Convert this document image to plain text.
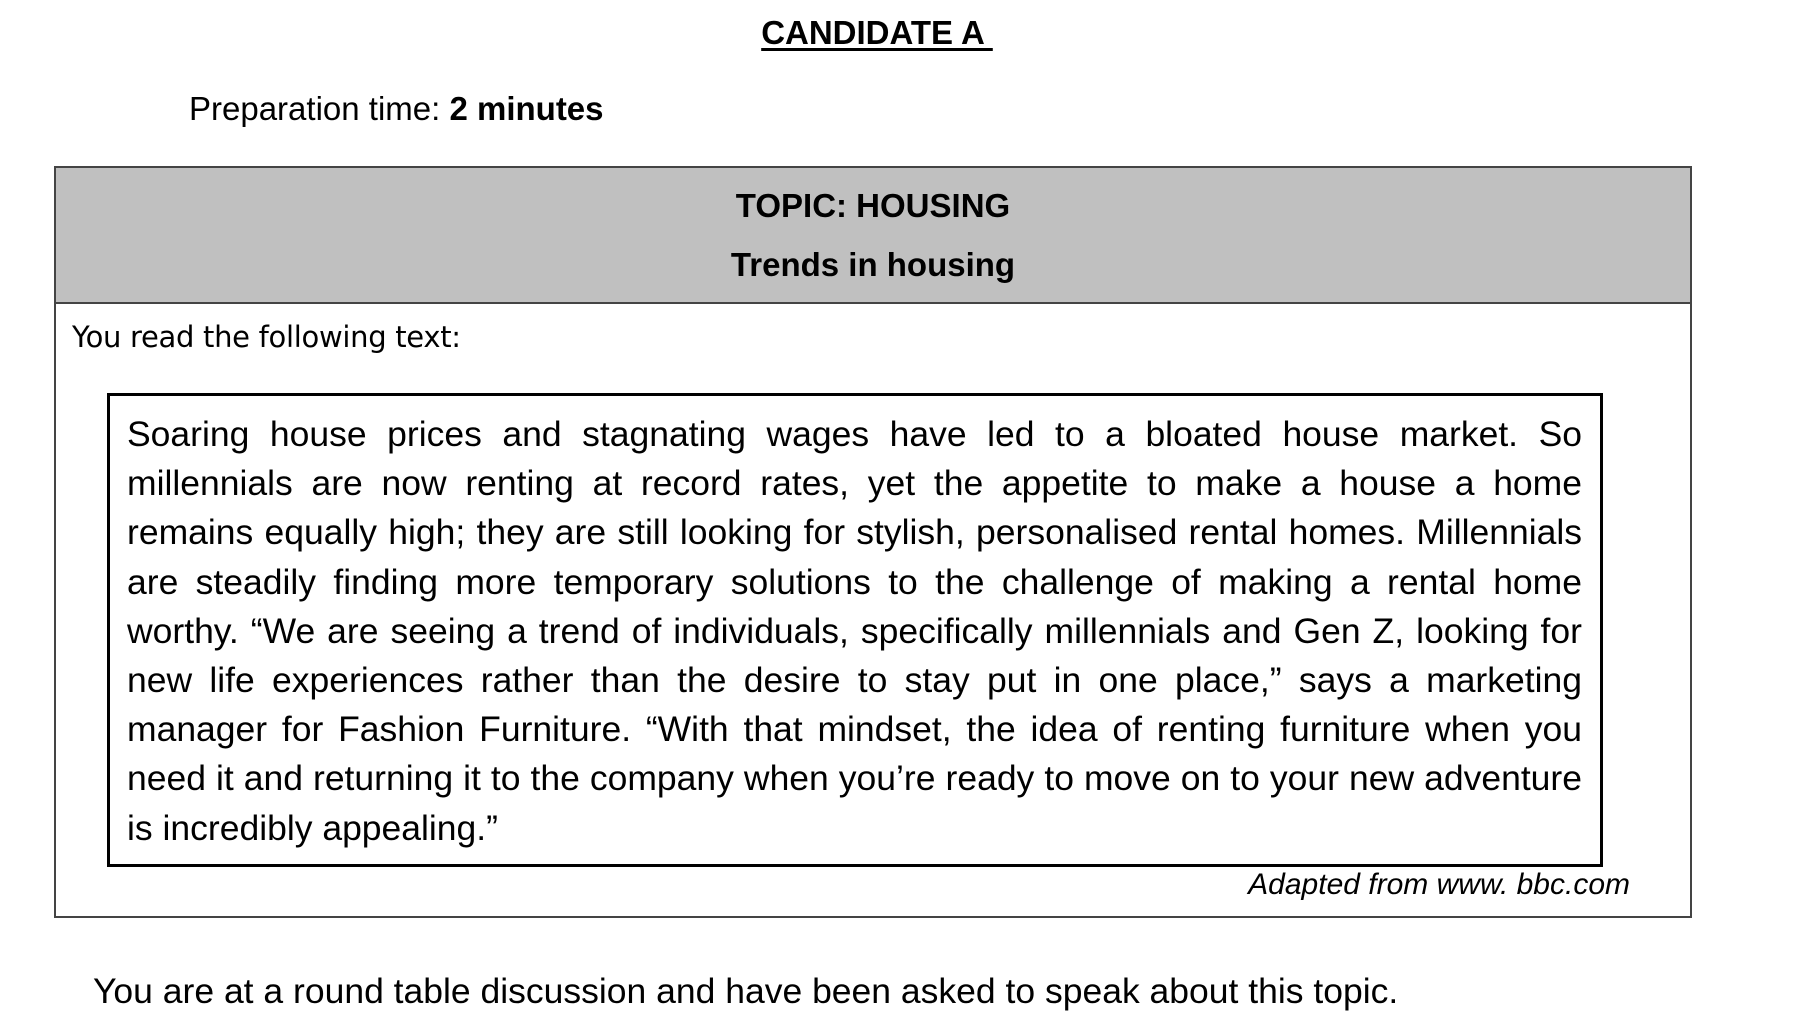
CANDIDATE A
Preparation time: 2 minutes
TOPIC: HOUSING
Trends in housing
You read the following text:

Soaring house prices and stagnating wages have led to a bloated house market. So millennials are now renting at record rates, yet the appetite to make a house a home remains equally high; they are still looking for stylish, personalised rental homes. Millennials are steadily finding more temporary solutions to the challenge of making a rental home worthy. “We are seeing a trend of individuals, specifically millennials and Gen Z, looking for new life experiences rather than the desire to stay put in one place,” says a marketing manager for Fashion Furniture. “With that mindset, the idea of renting furniture when you need it and returning it to the company when you’re ready to move on to your new adventure is incredibly appealing.”

Adapted from www. bbc.com
You are at a round table discussion and have been asked to speak about this topic.
